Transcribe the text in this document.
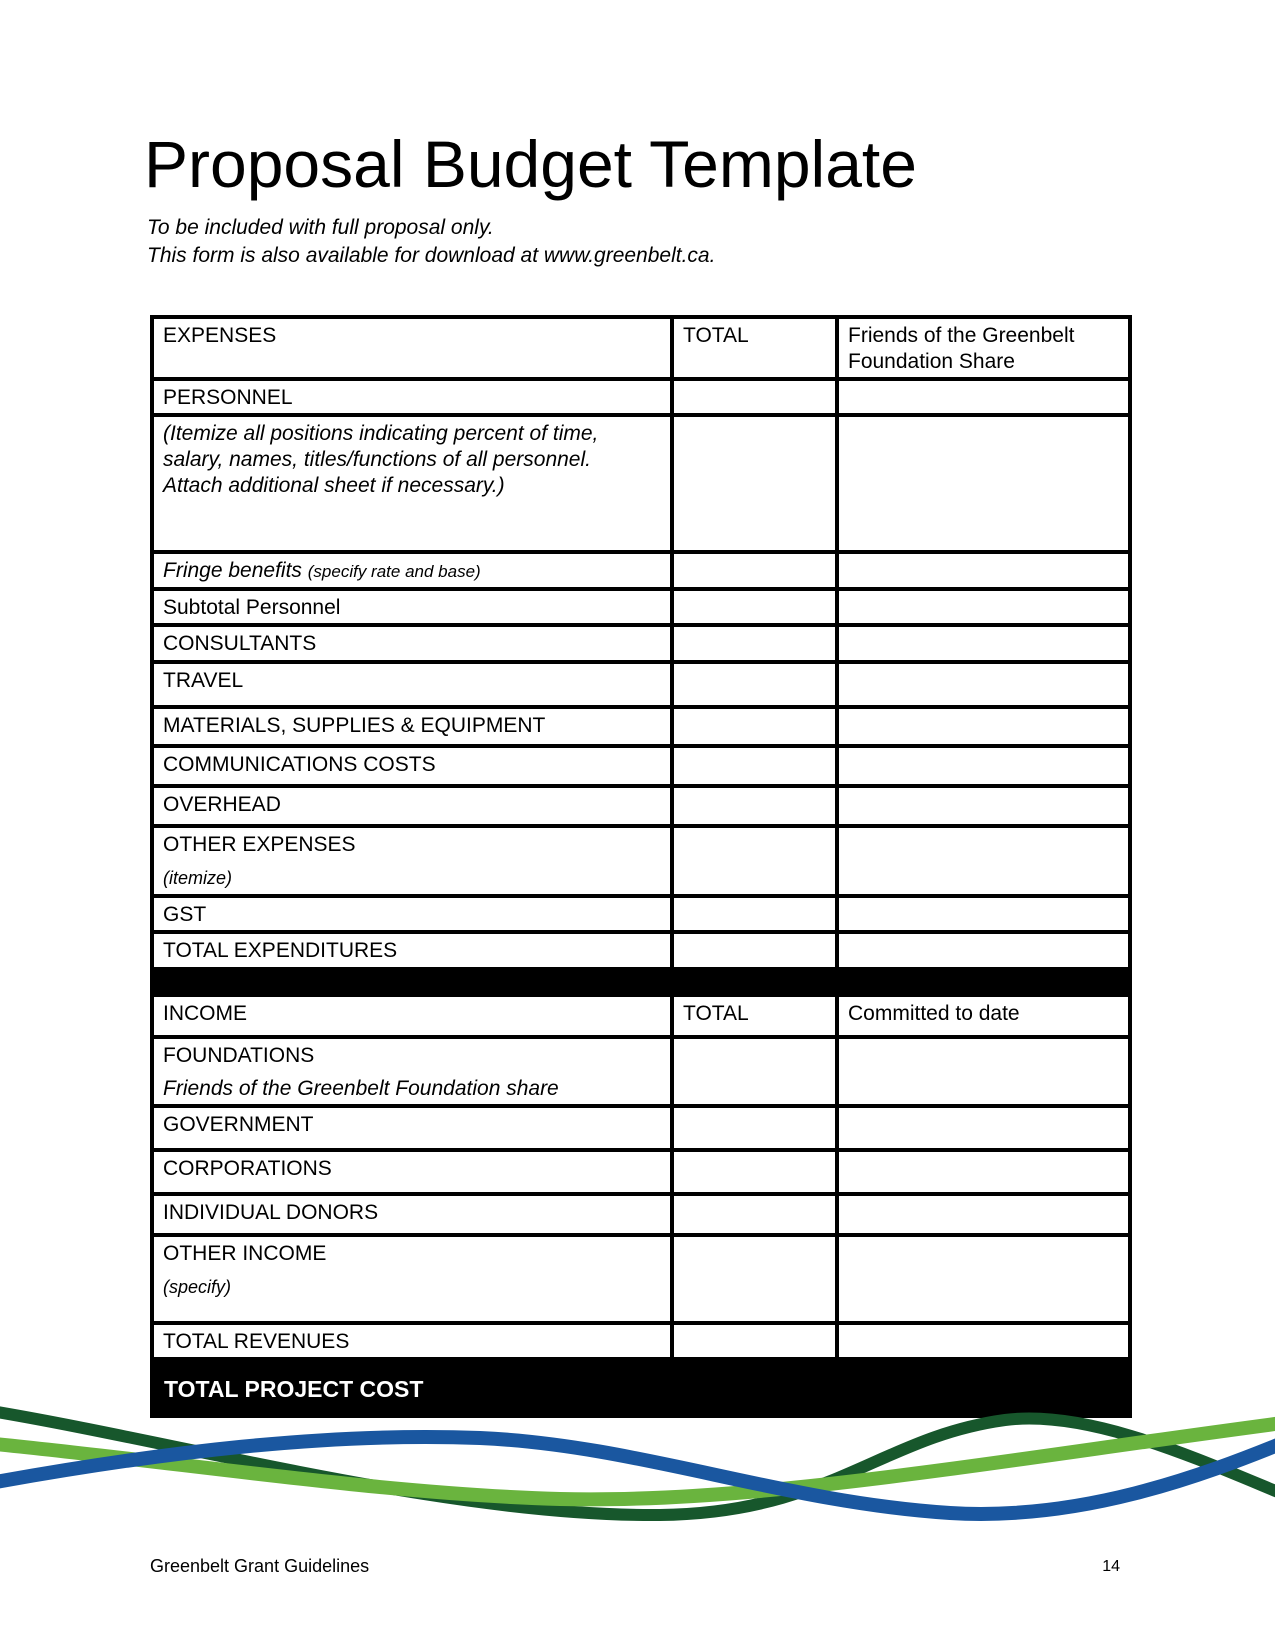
Proposal Budget Template
To be included with full proposal only.
This form is also available for download at www.greenbelt.ca.
EXPENSES	TOTAL	Friends of the Greenbelt Foundation Share
PERSONNEL		

(Itemize all positions indicating percent of time, salary, names, titles/functions of all personnel. Attach additional sheet if necessary.)		

Fringe benefits (specify rate and base)		
Subtotal Personnel		
CONSULTANTS		
TRAVEL		
MATERIALS, SUPPLIES & EQUIPMENT		
COMMUNICATIONS COSTS		
OVERHEAD		
OTHER EXPENSES
(itemize)		

GST		
TOTAL EXPENDITURES		

INCOME	TOTAL	Committed to date
FOUNDATIONS
Friends of the Greenbelt Foundation share		

GOVERNMENT		
CORPORATIONS		
INDIVIDUAL DONORS		
OTHER INCOME
(specify)		

TOTAL REVENUES		
TOTAL PROJECT COST		
Greenbelt Grant Guidelines	14
